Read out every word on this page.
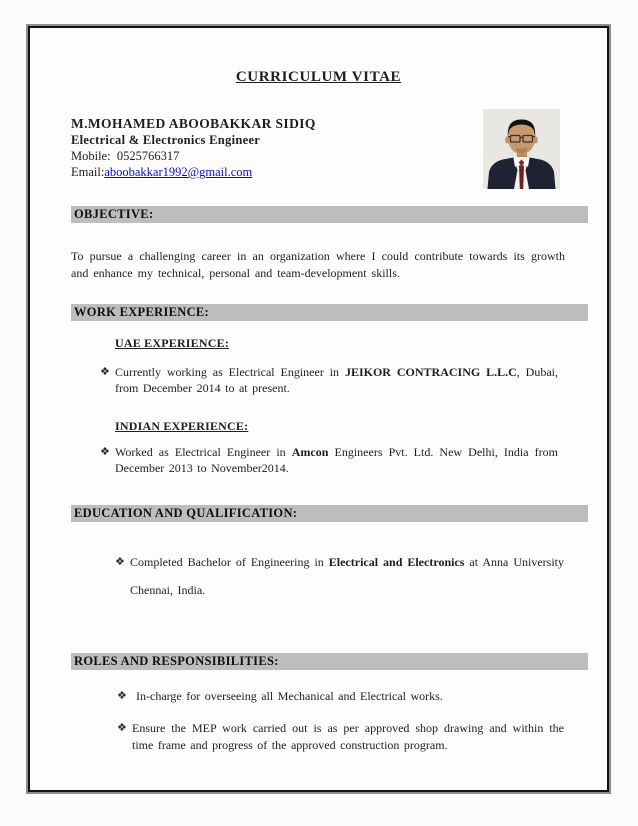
CURRICULUM VITAE
M.MOHAMED ABOOBAKKAR SIDIQ
Electrical & Electronics Engineer
Mobile: 0525766317
Email:aboobakkar1992@gmail.com
OBJECTIVE:

To pursue a challenging career in an organization where I could contribute towards its growth and enhance my technical, personal and team-development skills.

WORK EXPERIENCE:
UAE EXPERIENCE:
❖ Currently working as Electrical Engineer in JEIKOR CONTRACING L.L.C, Dubai, from December 2014 to at present.
INDIAN EXPERIENCE:
❖ Worked as Electrical Engineer in Amcon Engineers Pvt. Ltd. New Delhi, India from December 2013 to November2014.
EDUCATION AND QUALIFICATION:
❖ Completed Bachelor of Engineering in Electrical and Electronics at Anna University Chennai, India.
ROLES AND RESPONSIBILITIES:
❖ In-charge for overseeing all Mechanical and Electrical works.
❖ Ensure the MEP work carried out is as per approved shop drawing and within the time frame and progress of the approved construction program.
